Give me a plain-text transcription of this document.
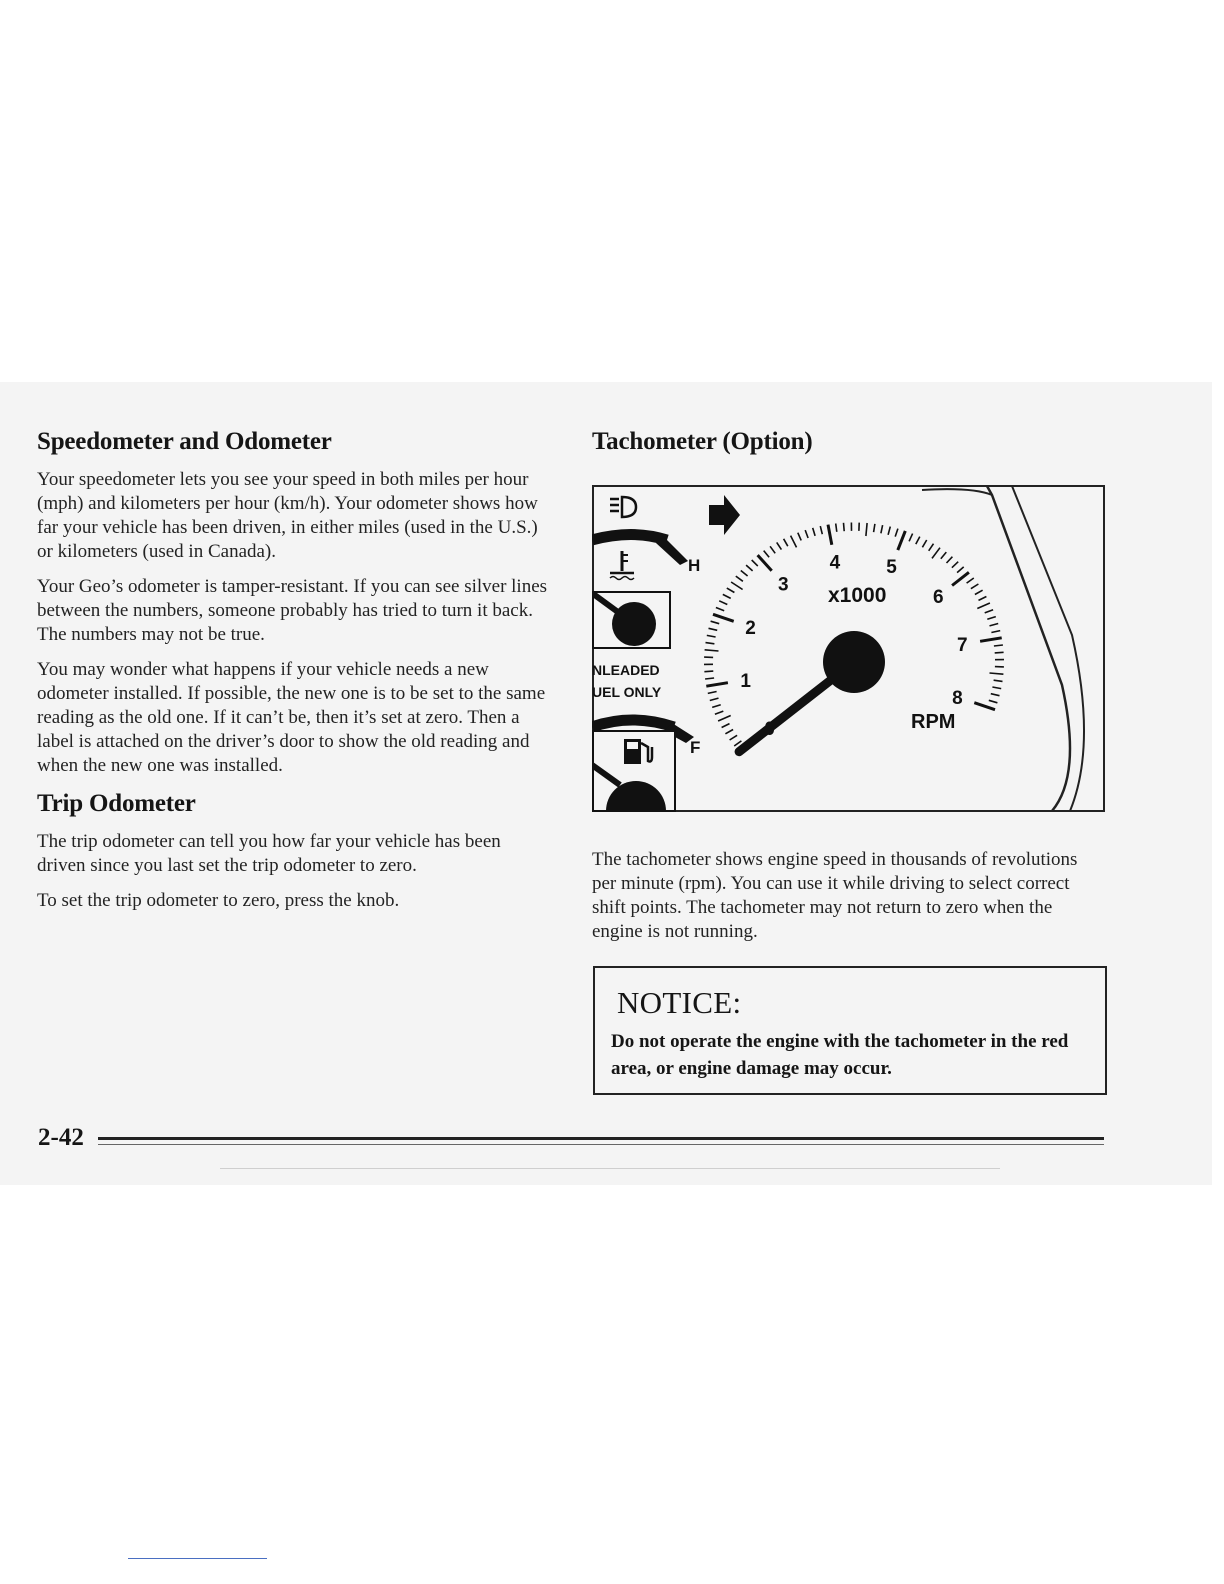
Speedometer and Odometer

Your speedometer lets you see your speed in both miles per hour (mph) and kilometers per hour (km/h). Your odometer shows how far your vehicle has been driven, in either miles (used in the U.S.) or kilometers (used in Canada).

Your Geo’s odometer is tamper-resistant. If you can see silver lines between the numbers, someone probably has tried to turn it back. The numbers may not be true.

You may wonder what happens if your vehicle needs a new odometer installed. If possible, the new one is to be set to the same reading as the old one. If it can’t be, then it’s set at zero. Then a label is attached on the driver’s door to show the old reading and when the new one was installed.

Trip Odometer

The trip odometer can tell you how far your vehicle has been driven since you last set the trip odometer to zero.

To set the trip odometer to zero, press the knob.

Tachometer (Option)
H
NLEADED
UEL ONLY
F
1
2
3
4 5
6
7
8
x1000
RPM

The tachometer shows engine speed in thousands of revolutions per minute (rpm). You can use it while driving to select correct shift points. The tachometer may not return to zero when the engine is not running.

NOTICE:
Do not operate the engine with the tachometer in the red area, or engine damage may occur.
2-42
